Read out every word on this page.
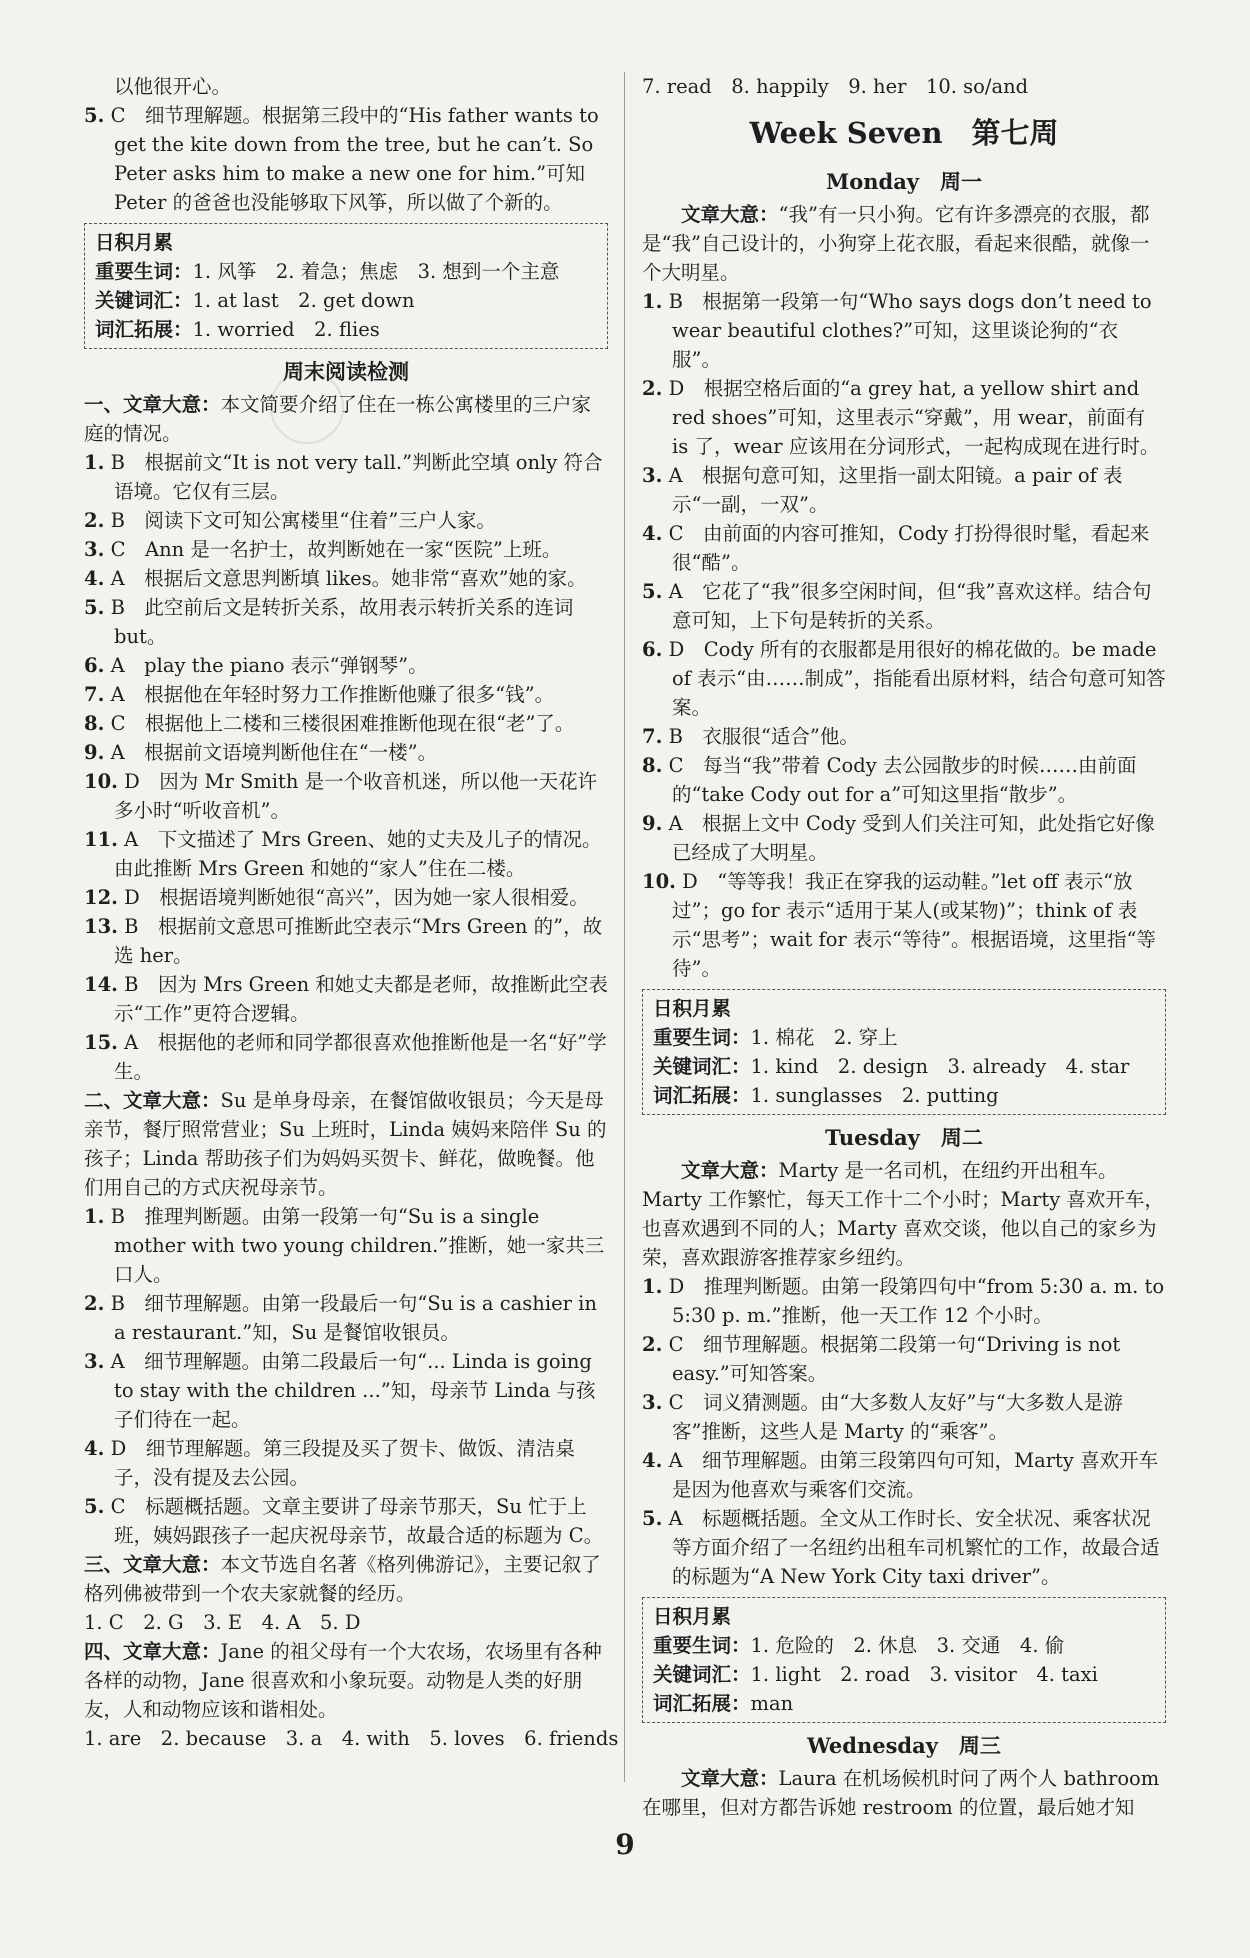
以他很开心。

5. C　细节理解题。根据第三段中的“His father wants to get the kite down from the tree, but he can’t. So Peter asks him to make a new one for him.”可知 Peter 的爸爸也没能够取下风筝，所以做了个新的。

日积月累
重要生词：1. 风筝　2. 着急；焦虑　3. 想到一个主意
关键词汇：1. at last　2. get down
词汇拓展：1. worried　2. flies
周末阅读检测

一、文章大意：本文简要介绍了住在一栋公寓楼里的三户家庭的情况。

1. B　根据前文“It is not very tall.”判断此空填 only 符合语境。它仅有三层。

2. B　阅读下文可知公寓楼里“住着”三户人家。

3. C　Ann 是一名护士，故判断她在一家“医院”上班。

4. A　根据后文意思判断填 likes。她非常“喜欢”她的家。

5. B　此空前后文是转折关系，故用表示转折关系的连词 but。

6. A　play the piano 表示“弹钢琴”。

7. A　根据他在年轻时努力工作推断他赚了很多“钱”。

8. C　根据他上二楼和三楼很困难推断他现在很“老”了。

9. A　根据前文语境判断他住在“一楼”。

10. D　因为 Mr Smith 是一个收音机迷，所以他一天花许多小时“听收音机”。

11. A　下文描述了 Mrs Green、她的丈夫及儿子的情况。由此推断 Mrs Green 和她的“家人”住在二楼。

12. D　根据语境判断她很“高兴”，因为她一家人很相爱。

13. B　根据前文意思可推断此空表示“Mrs Green 的”，故选 her。

14. B　因为 Mrs Green 和她丈夫都是老师，故推断此空表示“工作”更符合逻辑。

15. A　根据他的老师和同学都很喜欢他推断他是一名“好”学生。

二、文章大意：Su 是单身母亲，在餐馆做收银员；今天是母亲节，餐厅照常营业；Su 上班时，Linda 姨妈来陪伴 Su 的孩子；Linda 帮助孩子们为妈妈买贺卡、鲜花，做晚餐。他们用自己的方式庆祝母亲节。

1. B　推理判断题。由第一段第一句“Su is a single mother with two young children.”推断，她一家共三口人。

2. B　细节理解题。由第一段最后一句“Su is a cashier in a restaurant.”知，Su 是餐馆收银员。

3. A　细节理解题。由第二段最后一句“... Linda is going to stay with the children ...”知，母亲节 Linda 与孩子们待在一起。

4. D　细节理解题。第三段提及买了贺卡、做饭、清洁桌子，没有提及去公园。

5. C　标题概括题。文章主要讲了母亲节那天，Su 忙于上班，姨妈跟孩子一起庆祝母亲节，故最合适的标题为 C。

三、文章大意：本文节选自名著《格列佛游记》，主要记叙了格列佛被带到一个农夫家就餐的经历。

1. C　2. G　3. E　4. A　5. D

四、文章大意：Jane 的祖父母有一个大农场，农场里有各种各样的动物，Jane 很喜欢和小象玩耍。动物是人类的好朋友，人和动物应该和谐相处。

1. are　2. because　3. a　4. with　5. loves　6. friends

7. read　8. happily　9. her　10. so/and

Week Seven　第七周
Monday　周一

文章大意：“我”有一只小狗。它有许多漂亮的衣服，都是“我”自己设计的，小狗穿上花衣服，看起来很酷，就像一个大明星。

1. B　根据第一段第一句“Who says dogs don’t need to wear beautiful clothes?”可知，这里谈论狗的“衣服”。

2. D　根据空格后面的“a grey hat, a yellow shirt and red shoes”可知，这里表示“穿戴”，用 wear，前面有 is 了，wear 应该用在分词形式，一起构成现在进行时。

3. A　根据句意可知，这里指一副太阳镜。a pair of 表示“一副，一双”。

4. C　由前面的内容可推知，Cody 打扮得很时髦，看起来很“酷”。

5. A　它花了“我”很多空闲时间，但“我”喜欢这样。结合句意可知，上下句是转折的关系。

6. D　Cody 所有的衣服都是用很好的棉花做的。be made of 表示“由……制成”，指能看出原材料，结合句意可知答案。

7. B　衣服很“适合”他。

8. C　每当“我”带着 Cody 去公园散步的时候……由前面的“take Cody out for a”可知这里指“散步”。

9. A　根据上文中 Cody 受到人们关注可知，此处指它好像已经成了大明星。

10. D　“等等我！我正在穿我的运动鞋。”let off 表示“放过”；go for 表示“适用于某人(或某物)”；think of 表示“思考”；wait for 表示“等待”。根据语境，这里指“等待”。

日积月累
重要生词：1. 棉花　2. 穿上
关键词汇：1. kind　2. design　3. already　4. star
词汇拓展：1. sunglasses　2. putting
Tuesday　周二

文章大意：Marty 是一名司机，在纽约开出租车。Marty 工作繁忙，每天工作十二个小时；Marty 喜欢开车，也喜欢遇到不同的人；Marty 喜欢交谈，他以自己的家乡为荣，喜欢跟游客推荐家乡纽约。

1. D　推理判断题。由第一段第四句中“from 5:30 a. m. to 5:30 p. m.”推断，他一天工作 12 个小时。

2. C　细节理解题。根据第二段第一句“Driving is not easy.”可知答案。

3. C　词义猜测题。由“大多数人友好”与“大多数人是游客”推断，这些人是 Marty 的“乘客”。

4. A　细节理解题。由第三段第四句可知，Marty 喜欢开车是因为他喜欢与乘客们交流。

5. A　标题概括题。全文从工作时长、安全状况、乘客状况等方面介绍了一名纽约出租车司机繁忙的工作，故最合适的标题为“A New York City taxi driver”。

日积月累
重要生词：1. 危险的　2. 休息　3. 交通　4. 偷
关键词汇：1. light　2. road　3. visitor　4. taxi
词汇拓展：man
Wednesday　周三

文章大意：Laura 在机场候机时问了两个人 bathroom 在哪里，但对方都告诉她 restroom 的位置，最后她才知

9
